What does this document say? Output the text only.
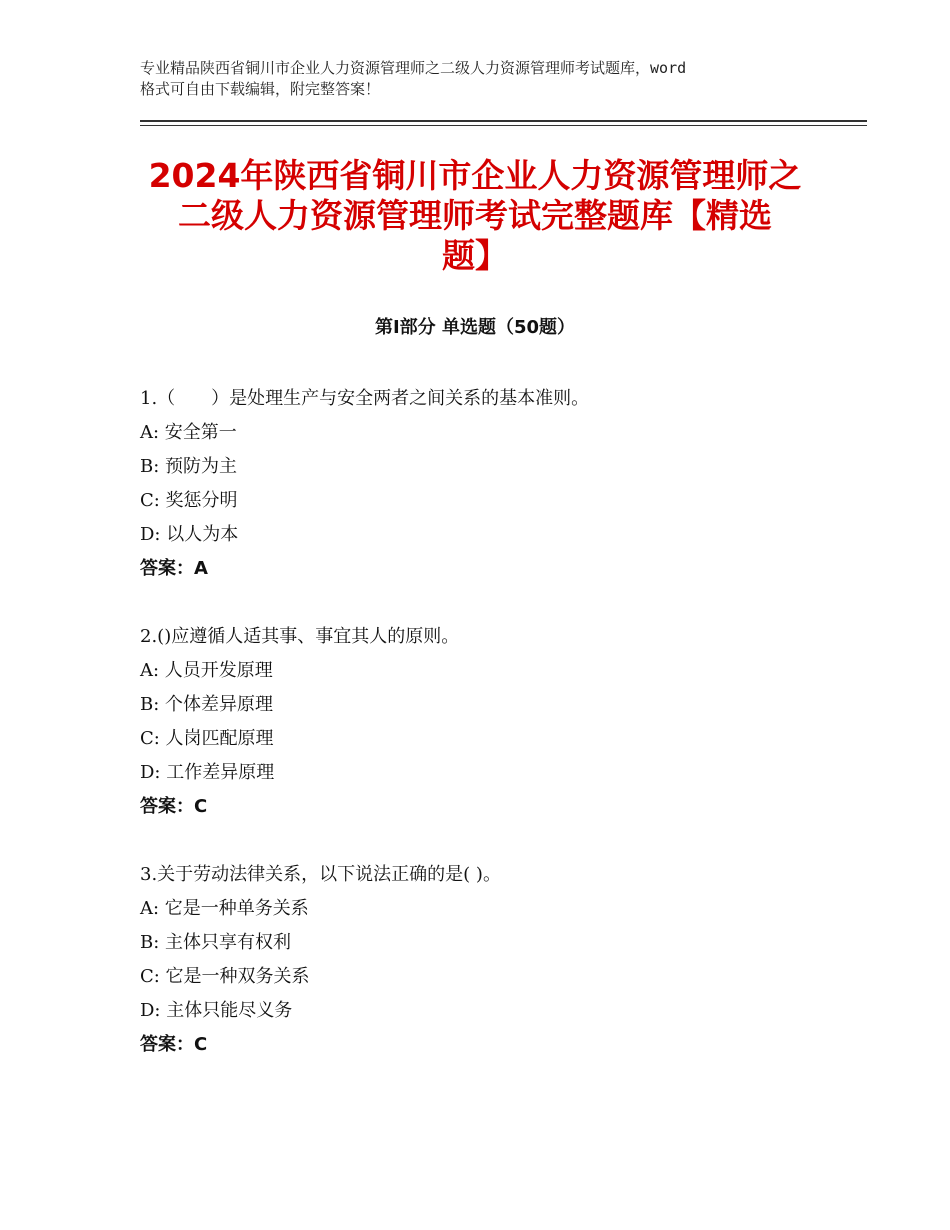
专业精品陕西省铜川市企业人力资源管理师之二级人力资源管理师考试题库，word
格式可自由下载编辑，附完整答案！
2024年陕西省铜川市企业人力资源管理师之
二级人力资源管理师考试完整题库【精选
题】
第Ⅰ部分 单选题（50题）
1.（　　）是处理生产与安全两者之间关系的基本准则。
A: 安全第一
B: 预防为主
C: 奖惩分明
D: 以人为本
答案：A
2.()应遵循人适其事、事宜其人的原则。
A: 人员开发原理
B: 个体差异原理
C: 人岗匹配原理
D: 工作差异原理
答案：C
3.关于劳动法律关系，以下说法正确的是( )。
A: 它是一种单务关系
B: 主体只享有权利
C: 它是一种双务关系
D: 主体只能尽义务
答案：C
